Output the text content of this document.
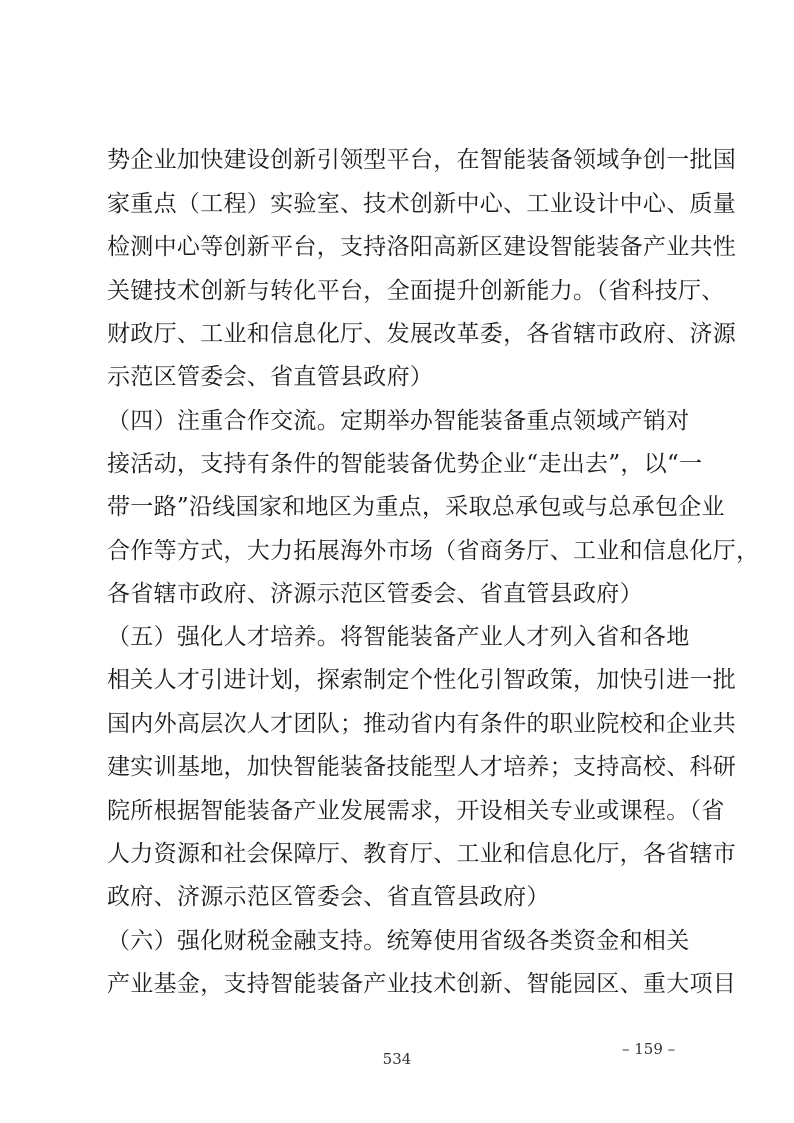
势企业加快建设创新引领型平台，在智能装备领域争创一批国
家重点（工程）实验室、技术创新中心、工业设计中心、质量
检测中心等创新平台，支持洛阳高新区建设智能装备产业共性
关键技术创新与转化平台，全面提升创新能力。（省科技厅、
财政厅、工业和信息化厅、发展改革委，各省辖市政府、济源
示范区管委会、省直管县政府）
（四）注重合作交流。定期举办智能装备重点领域产销对
接活动，支持有条件的智能装备优势企业“走出去”，以“一
带一路”沿线国家和地区为重点，采取总承包或与总承包企业
合作等方式，大力拓展海外市场（省商务厅、工业和信息化厅，
各省辖市政府、济源示范区管委会、省直管县政府）
（五）强化人才培养。将智能装备产业人才列入省和各地
相关人才引进计划，探索制定个性化引智政策，加快引进一批
国内外高层次人才团队；推动省内有条件的职业院校和企业共
建实训基地，加快智能装备技能型人才培养；支持高校、科研
院所根据智能装备产业发展需求，开设相关专业或课程。（省
人力资源和社会保障厅、教育厅、工业和信息化厅，各省辖市
政府、济源示范区管委会、省直管县政府）
（六）强化财税金融支持。统筹使用省级各类资金和相关
产业基金，支持智能装备产业技术创新、智能园区、重大项目
– 159 –
534
